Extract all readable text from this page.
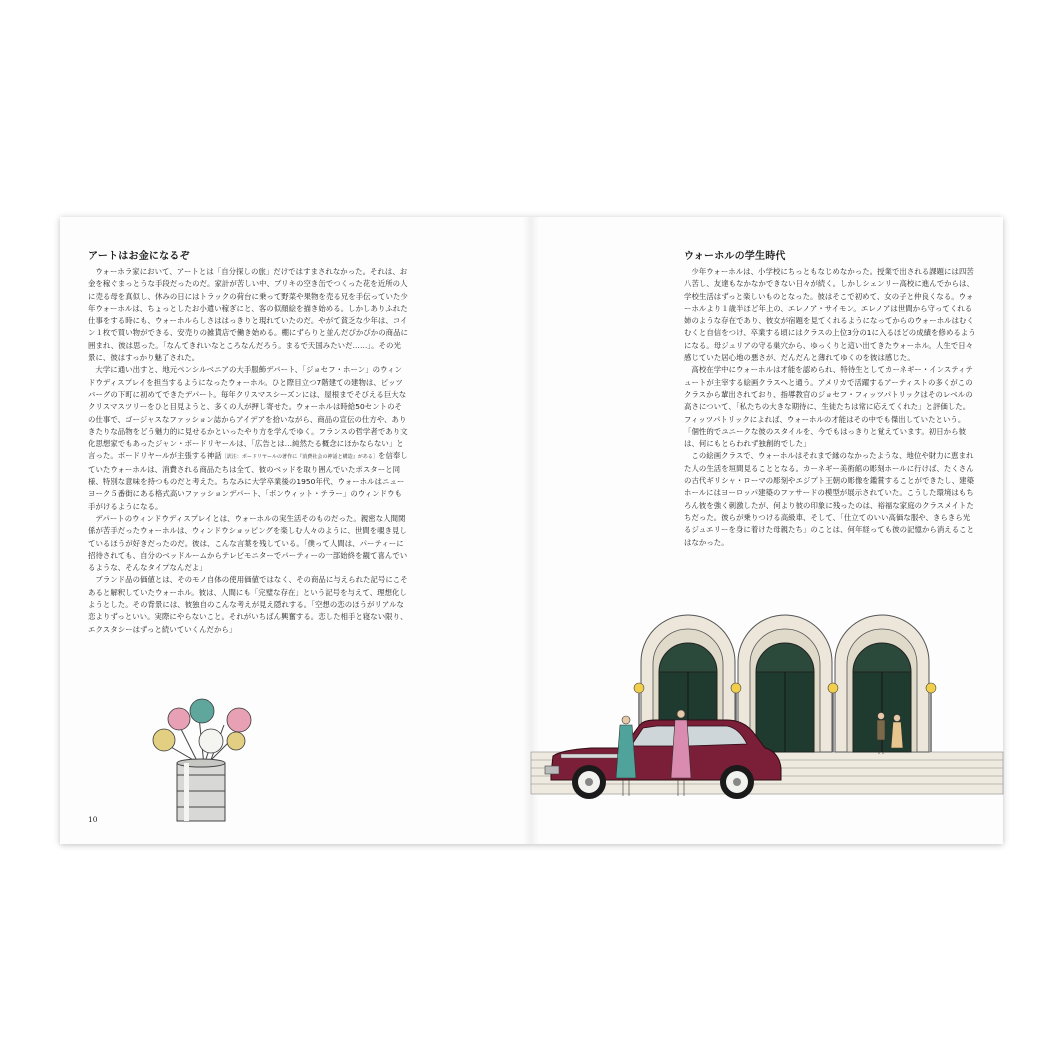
アートはお金になるぞ

ウォーホラ家において、アートとは「自分探しの旅」だけではすまされなかった。それは、お金を稼ぐまっとうな手段だったのだ。家計が苦しい中、ブリキの空き缶でつくった花を近所の人に売る母を真似し、休みの日にはトラックの荷台に乗って野菜や果物を売る兄を手伝っていた少年ウォーホルは、ちょっとしたお小遣い稼ぎにと、客の似顔絵を描き始める。しかしありふれた仕事をする時にも、ウォーホルらしさははっきりと現れていたのだ。やがて貧乏な少年は、コイン１枚で買い物ができる、安売りの雑貨店で働き始める。棚にずらりと並んだぴかぴかの商品に囲まれ、彼は思った。「なんてきれいなところなんだろう。まるで天国みたいだ……」。その光景に、彼はすっかり魅了された。

大学に通い出すと、地元ペンシルベニアの大手服飾デパート、「ジョセフ・ホーン」のウィンドウディスプレイを担当するようになったウォーホル。ひと際目立つ7階建ての建物は、ピッツバーグの下町に初めてできたデパート。毎年クリスマスシーズンには、屋根までそびえる巨大なクリスマスツリーをひと目見ようと、多くの人が押し寄せた。ウォーホルは時給50セントのその仕事で、ゴージャスなファッション誌からアイデアを拾いながら、商品の宣伝の仕方や、ありきたりな品物をどう魅力的に見せるかといったやり方を学んでゆく。フランスの哲学者であり文化思想家でもあったジャン・ボードリヤールは、「広告とは…純然たる概念にほかならない」と言った。ボードリヤールが主張する神話［訳注：ボードリヤールの著作に『消費社会の神話と構造』がある］を信奉していたウォーホルは、消費される商品たちは全て、彼のベッドを取り囲んでいたポスターと同様、特別な意味を持つものだと考えた。ちなみに大学卒業後の1950年代、ウォーホルはニューヨーク５番街にある格式高いファッションデパート、「ボンウィット・テラー」のウィンドウも手がけるようになる。

デパートのウィンドウディスプレイとは、ウォーホルの実生活そのものだった。親密な人間関係が苦手だったウォーホルは、ウィンドウショッピングを楽しむ人々のように、世間を覗き見しているほうが好きだったのだ。彼は、こんな言葉を残している。「僕って人間は、パーティーに招待されても、自分のベッドルームからテレビモニターでパーティーの一部始終を観て喜んでいるような、そんなタイプなんだよ」

ブランド品の価値とは、そのモノ自体の使用価値ではなく、その商品に与えられた記号にこそあると解釈していたウォーホル。彼は、人間にも「完璧な存在」という記号を与えて、理想化しようとした。その背景には、彼独自のこんな考えが見え隠れする。「空想の恋のほうがリアルな恋よりずっといい。実際にやらないこと。それがいちばん興奮する。恋した相手と寝ない限り、エクスタシーはずっと続いていくんだから」

10
ウォーホルの学生時代

少年ウォーホルは、小学校にちっともなじめなかった。授業で出される課題には四苦八苦し、友達もなかなかできない日々が続く。しかしシェンリー高校に進んでからは、学校生活はずっと楽しいものとなった。彼はそこで初めて、女の子と仲良くなる。ウォーホルより１歳半ほど年上の、エレノア・サイモン。エレノアは世間から守ってくれる姉のような存在であり、彼女が宿題を見てくれるようになってからのウォーホルはむくむくと自信をつけ、卒業する頃にはクラスの上位3分の1に入るほどの成績を修めるようになる。母ジュリアの守る巣穴から、ゆっくりと這い出てきたウォーホル。人生で日々感じていた居心地の悪さが、だんだんと薄れてゆくのを彼は感じた。

高校在学中にウォーホルは才能を認められ、特待生としてカーネギー・インスティテュートが主宰する絵画クラスへと通う。アメリカで活躍するアーティストの多くがこのクラスから輩出されており、指導教官のジョセフ・フィッツパトリックはそのレベルの高さについて、「私たちの大きな期待に、生徒たちは常に応えてくれた」と評価した。フィッツパトリックによれば、ウォーホルの才能はその中でも傑出していたという。「個性的でユニークな彼のスタイルを、今でもはっきりと覚えています。初日から彼は、何にもとらわれず独創的でした」

この絵画クラスで、ウォーホルはそれまで縁のなかったような、地位や財力に恵まれた人の生活を垣間見ることとなる。カーネギー美術館の彫刻ホールに行けば、たくさんの古代ギリシャ・ローマの彫刻やエジプト王朝の彫像を鑑賞することができたし、建築ホールにはヨーロッパ建築のファサードの模型が展示されていた。こうした環境はもちろん彼を強く刺激したが、何より彼の印象に残ったのは、裕福な家庭のクラスメイトたちだった。彼らが乗りつける高級車、そして、「仕立てのいい高価な服や、きらきら光るジュエリーを身に着けた母親たち」のことは、何年経っても彼の記憶から消えることはなかった。
